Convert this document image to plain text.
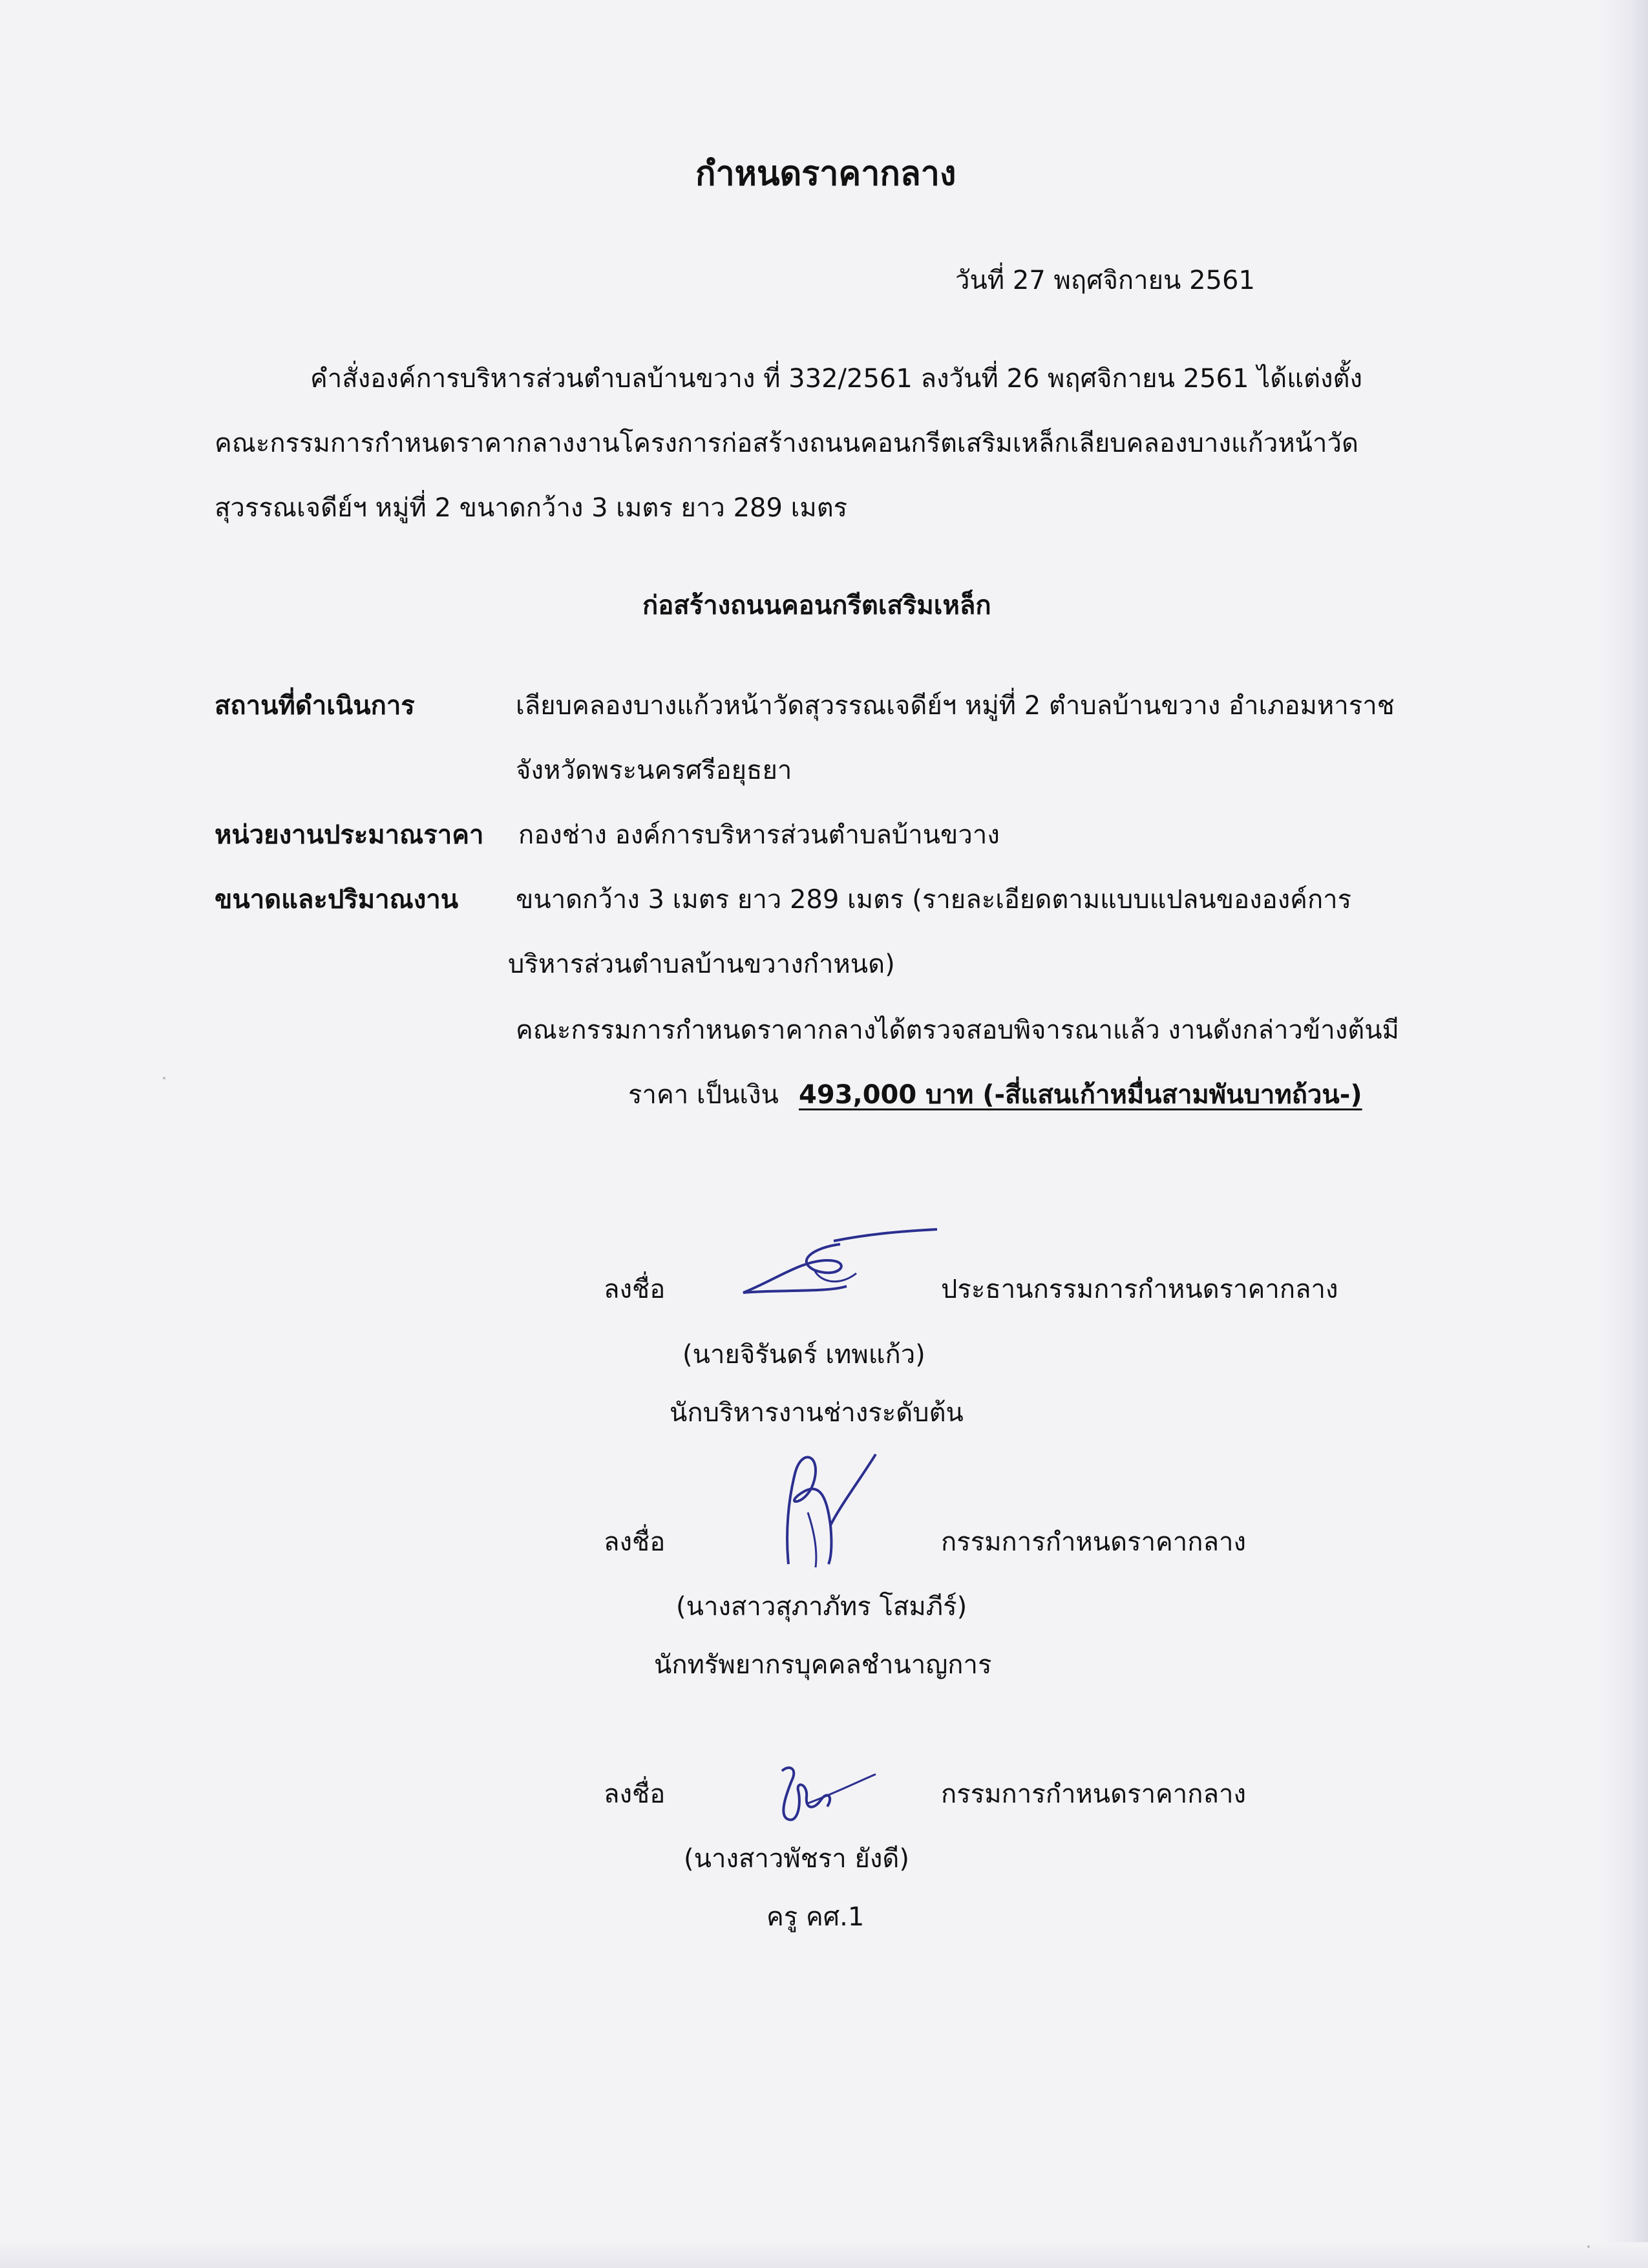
กำหนดราคากลาง
วันที่ 27 พฤศจิกายน 2561
คำสั่งองค์การบริหารส่วนตำบลบ้านขวาง ที่ 332/2561 ลงวันที่ 26 พฤศจิกายน 2561 ได้แต่งตั้ง
คณะกรรมการกำหนดราคากลางงานโครงการก่อสร้างถนนคอนกรีตเสริมเหล็กเลียบคลองบางแก้วหน้าวัด
สุวรรณเจดีย์ฯ หมู่ที่ 2 ขนาดกว้าง 3 เมตร ยาว 289 เมตร
ก่อสร้างถนนคอนกรีตเสริมเหล็ก
สถานที่ดำเนินการ	เลียบคลองบางแก้วหน้าวัดสุวรรณเจดีย์ฯ หมู่ที่ 2 ตำบลบ้านขวาง อำเภอมหาราช
จังหวัดพระนครศรีอยุธยา
หน่วยงานประมาณราคา กองช่าง องค์การบริหารส่วนตำบลบ้านขวาง
ขนาดและปริมาณงาน ขนาดกว้าง 3 เมตร ยาว 289 เมตร (รายละเอียดตามแบบแปลนขององค์การ
บริหารส่วนตำบลบ้านขวางกำหนด)
คณะกรรมการกำหนดราคากลางได้ตรวจสอบพิจารณาแล้ว งานดังกล่าวข้างต้นมี
ราคา เป็นเงิน 493,000 บาท (-สี่แสนเก้าหมื่นสามพันบาทถ้วน-)
ลงชื่อ	ประธานกรรมการกำหนดราคากลาง
(นายจิรันดร์ เทพแก้ว)
นักบริหารงานช่างระดับต้น
ลงชื่อ	กรรมการกำหนดราคากลาง
(นางสาวสุภาภัทร โสมภีร์)
นักทรัพยากรบุคคลชำนาญการ
ลงชื่อ	กรรมการกำหนดราคากลาง
(นางสาวพัชรา ยังดี)
ครู คศ.1
